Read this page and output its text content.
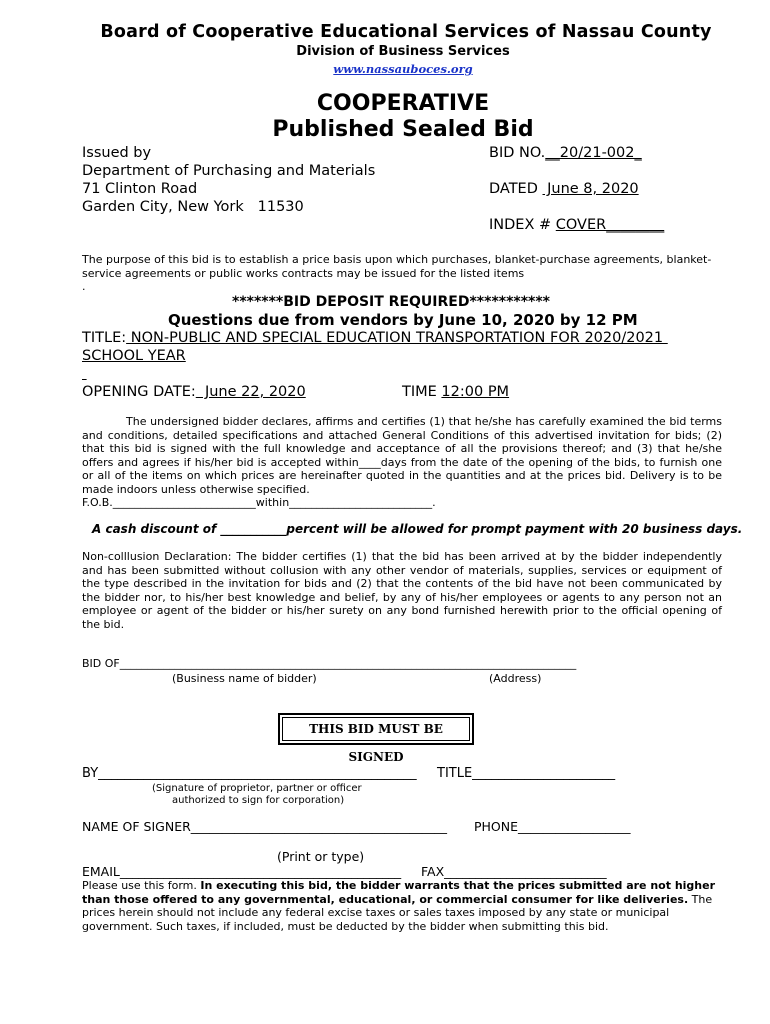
Board of Cooperative Educational Services of Nassau County
Division of Business Services
www.nassauboces.org
COOPERATIVE
Published Sealed Bid
Issued by
Department of Purchasing and Materials
71 Clinton Road
Garden City, New York   11530
BID NO.__20/21-002_
DATED  June 8, 2020
INDEX # COVER________
The purpose of this bid is to establish a price basis upon which purchases, blanket-purchase agreements, blanket-service agreements or public works contracts may be issued for the listed items
.
*******BID DEPOSIT REQUIRED***********
Questions due from vendors by June 10, 2020 by 12 PM
TITLE: NON-PUBLIC AND SPECIAL EDUCATION TRANSPORTATION FOR 2020/2021
SCHOOL YEAR

OPENING DATE:  June 22, 2020	TIME 12:00 PM
The undersigned bidder declares, affirms and certifies (1) that he/she has carefully examined the bid terms and conditions, detailed specifications and attached General Conditions of this advertised invitation for bids; (2) that this bid is signed with the full knowledge and acceptance of all the provisions thereof; and (3) that he/she offers and agrees if his/her bid is accepted within____days from the date of the opening of the bids, to furnish one or all of the items on which prices are hereinafter quoted in the quantities and at the prices bid. Delivery is to be made indoors unless otherwise specified.
F.O.B.__________________________within__________________________.
A cash discount of ___________percent will be allowed for prompt payment with 20 business days.
Non-colllusion Declaration: The bidder certifies (1) that the bid has been arrived at by the bidder independently and has been submitted without collusion with any other vendor of materials, supplies, services or equipment of the type described in the invitation for bids and (2) that the contents of the bid have not been communicated by the bidder nor, to his/her best knowledge and belief, by any of his/her employees or agents to any person not an employee or agent of the bidder or his/her surety on any bond furnished herewith prior to the official opening of the bid.
BID OF___________________________________________________________________________________
(Business name of bidder)	(Address)
THIS BID MUST BE SIGNED
BY_________________________________________________ TITLE______________________
(Signature of proprietor, partner or officer
authorized to sign for corporation)
NAME OF SIGNER_________________________________________ PHONE__________________
(Print or type)
EMAIL_____________________________________________ FAX__________________________
Please use this form. In executing this bid, the bidder warrants that the prices submitted are not higher than those offered to any governmental, educational, or commercial consumer for like deliveries. The prices herein should not include any federal excise taxes or sales taxes imposed by any state or municipal government. Such taxes, if included, must be deducted by the bidder when submitting this bid.
